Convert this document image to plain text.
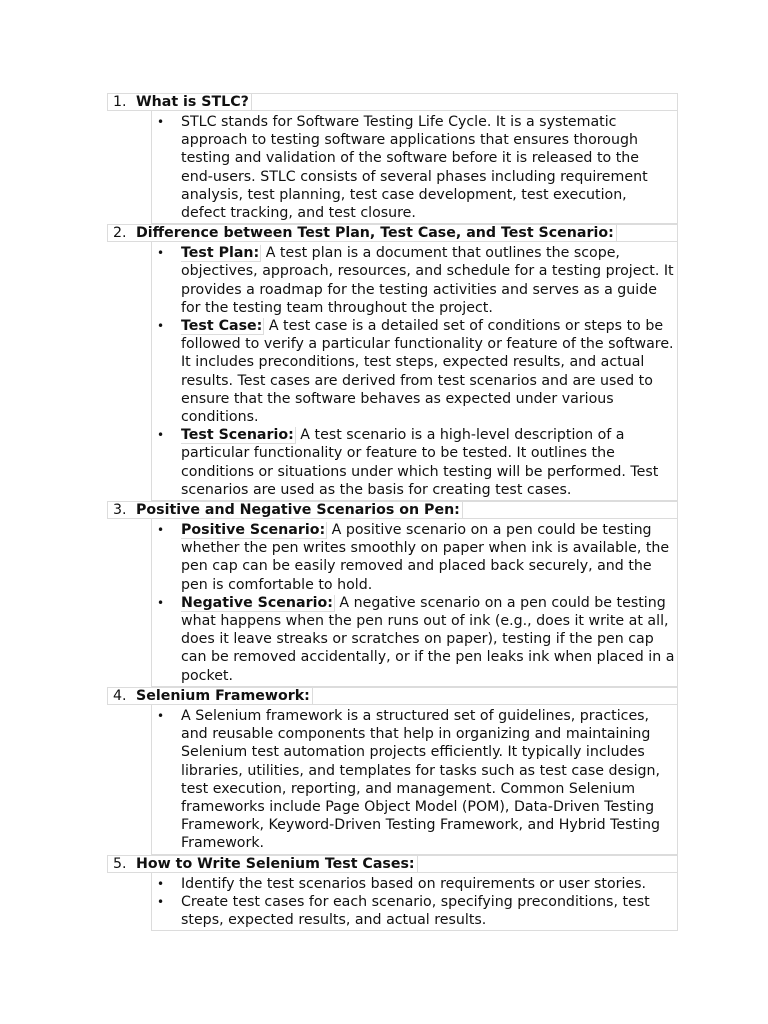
1. What is STLC?
• STLC stands for Software Testing Life Cycle. It is a systematic approach to testing software applications that ensures thorough testing and validation of the software before it is released to the end-users. STLC consists of several phases including requirement analysis, test planning, test case development, test execution, defect tracking, and test closure.
2. Difference between Test Plan, Test Case, and Test Scenario:
• Test Plan: A test plan is a document that outlines the scope, objectives, approach, resources, and schedule for a testing project. It provides a roadmap for the testing activities and serves as a guide for the testing team throughout the project.
• Test Case: A test case is a detailed set of conditions or steps to be followed to verify a particular functionality or feature of the software. It includes preconditions, test steps, expected results, and actual results. Test cases are derived from test scenarios and are used to ensure that the software behaves as expected under various conditions.
• Test Scenario: A test scenario is a high-level description of a particular functionality or feature to be tested. It outlines the conditions or situations under which testing will be performed. Test scenarios are used as the basis for creating test cases.
3. Positive and Negative Scenarios on Pen:
• Positive Scenario: A positive scenario on a pen could be testing whether the pen writes smoothly on paper when ink is available, the pen cap can be easily removed and placed back securely, and the pen is comfortable to hold.
• Negative Scenario: A negative scenario on a pen could be testing what happens when the pen runs out of ink (e.g., does it write at all, does it leave streaks or scratches on paper), testing if the pen cap can be removed accidentally, or if the pen leaks ink when placed in a pocket.
4. Selenium Framework:
• A Selenium framework is a structured set of guidelines, practices, and reusable components that help in organizing and maintaining Selenium test automation projects efficiently. It typically includes libraries, utilities, and templates for tasks such as test case design, test execution, reporting, and management. Common Selenium frameworks include Page Object Model (POM), Data-Driven Testing Framework, Keyword-Driven Testing Framework, and Hybrid Testing Framework.
5. How to Write Selenium Test Cases:
• Identify the test scenarios based on requirements or user stories.
• Create test cases for each scenario, specifying preconditions, test steps, expected results, and actual results.
